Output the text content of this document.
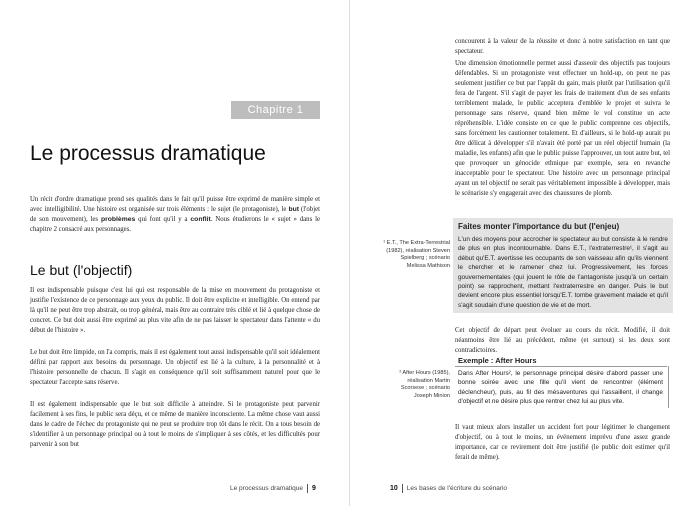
Chapitre 1
Le processus dramatique

Un récit d'ordre dramatique prend ses qualités dans le fait qu'il puisse être exprimé de manière simple et avec intelligibilité. Une histoire est organisée sur trois éléments : le sujet (le protagoniste), le but (l'objet de son mouvement), les problèmes qui font qu'il y a conflit. Nous étudierons le « sujet » dans le chapitre 2 consacré aux personnages.

Le but (l'objectif)

Il est indispensable puisque c'est lui qui est responsable de la mise en mouvement du protagoniste et justifie l'existence de ce personnage aux yeux du public. Il doit être explicite et intelligible. On entend par là qu'il ne peut être trop abstrait, ou trop général, mais être au contraire très ciblé et lié à quelque chose de concret. Ce but doit aussi être exprimé au plus vite afin de ne pas laisser le spectateur dans l'attente « du début de l'histoire ».

Le but doit être limpide, on l'a compris, mais il est également tout aussi indispensable qu'il soit idéalement défini par rapport aux besoins du personnage. Un objectif est lié à la culture, à la personnalité et à l'histoire personnelle de chacun. Il s'agit en conséquence qu'il soit suffisamment naturel pour que le spectateur l'accepte sans réserve.

Il est également indispensable que le but soit difficile à atteindre. Si le protagoniste peut parvenir facilement à ses fins, le public sera déçu, et ce même de manière inconsciente. La même chose vaut aussi dans le cadre de l'échec du protagoniste qui ne peut se produire trop tôt dans le récit. On a tous besoin de s'identifier à un personnage principal ou à tout le moins de s'impliquer à ses côtés, et les difficultés pour parvenir à son but

Le processus dramatique 9

concourent à la valeur de la réussite et donc à notre satisfaction en tant que spectateur.

Une dimension émotionnelle permet aussi d'asseoir des objectifs pas toujours défendables. Si un protagoniste veut effectuer un hold-up, on peut ne pas seulement justifier ce but par l'appât du gain, mais plutôt par l'utilisation qu'il fera de l'argent. S'il s'agit de payer les frais de traitement d'un de ses enfants terriblement malade, le public acceptera d'emblée le projet et suivra le personnage sans réserve, quand bien même le vol constitue un acte répréhensible. L'idée consiste en ce que le public comprenne ces objectifs, sans forcément les cautionner totalement. Et d'ailleurs, si le hold-up aurait pu être délicat à développer s'il n'avait été porté par un réel objectif humain (la maladie, les enfants) afin que le public puisse l'approuver, un tout autre but, tel que provoquer un génocide ethnique par exemple, sera en revanche inacceptable pour le spectateur. Une histoire avec un personnage principal ayant un tel objectif ne serait pas véritablement impossible à développer, mais le scénariste s'y engagerait avec des chaussures de plomb.

¹ E.T., The Extra-Terrestrial (1982), réalisation Steven Spielberg ; scénario Melissa Mathison
Faites monter l'importance du but (l'enjeu)

L'un des moyens pour accrocher le spectateur au but consiste à le rendre de plus en plus incontournable. Dans E.T., l'extraterrestre¹, il s'agit au début qu'E.T. avertisse les occupants de son vaisseau afin qu'ils viennent le chercher et le ramener chez lui. Progressivement, les forces gouvernementales (qui jouent le rôle de l'antagoniste jusqu'à un certain point) se rapprochent, mettant l'extraterrestre en danger. Puis le but devient encore plus essentiel lorsqu'E.T. tombe gravement malade et qu'il s'agit soudain d'une question de vie et de mort.

Cet objectif de départ peut évoluer au cours du récit. Modifié, il doit néanmoins être lié au précédent, même (et surtout) si les deux sont contradictoires.

² After Hours (1985), réalisation Martin Scorsese ; scénario Joseph Minion
Exemple : After Hours

Dans After Hours², le personnage principal désire d'abord passer une bonne soirée avec une fille qu'il vient de rencontrer (élément déclencheur), puis, au fil des mésaventures qui l'assaillent, il change d'objectif et ne désire plus que rentrer chez lui au plus vite.

Il vaut mieux alors installer un accident fort pour légitimer le changement d'objectif, ou à tout le moins, un événement imprévu d'une assez grande importance, car ce revirement doit être justifié (le public doit estimer qu'il ferait de même).

10 Les bases de l'écriture du scénario
